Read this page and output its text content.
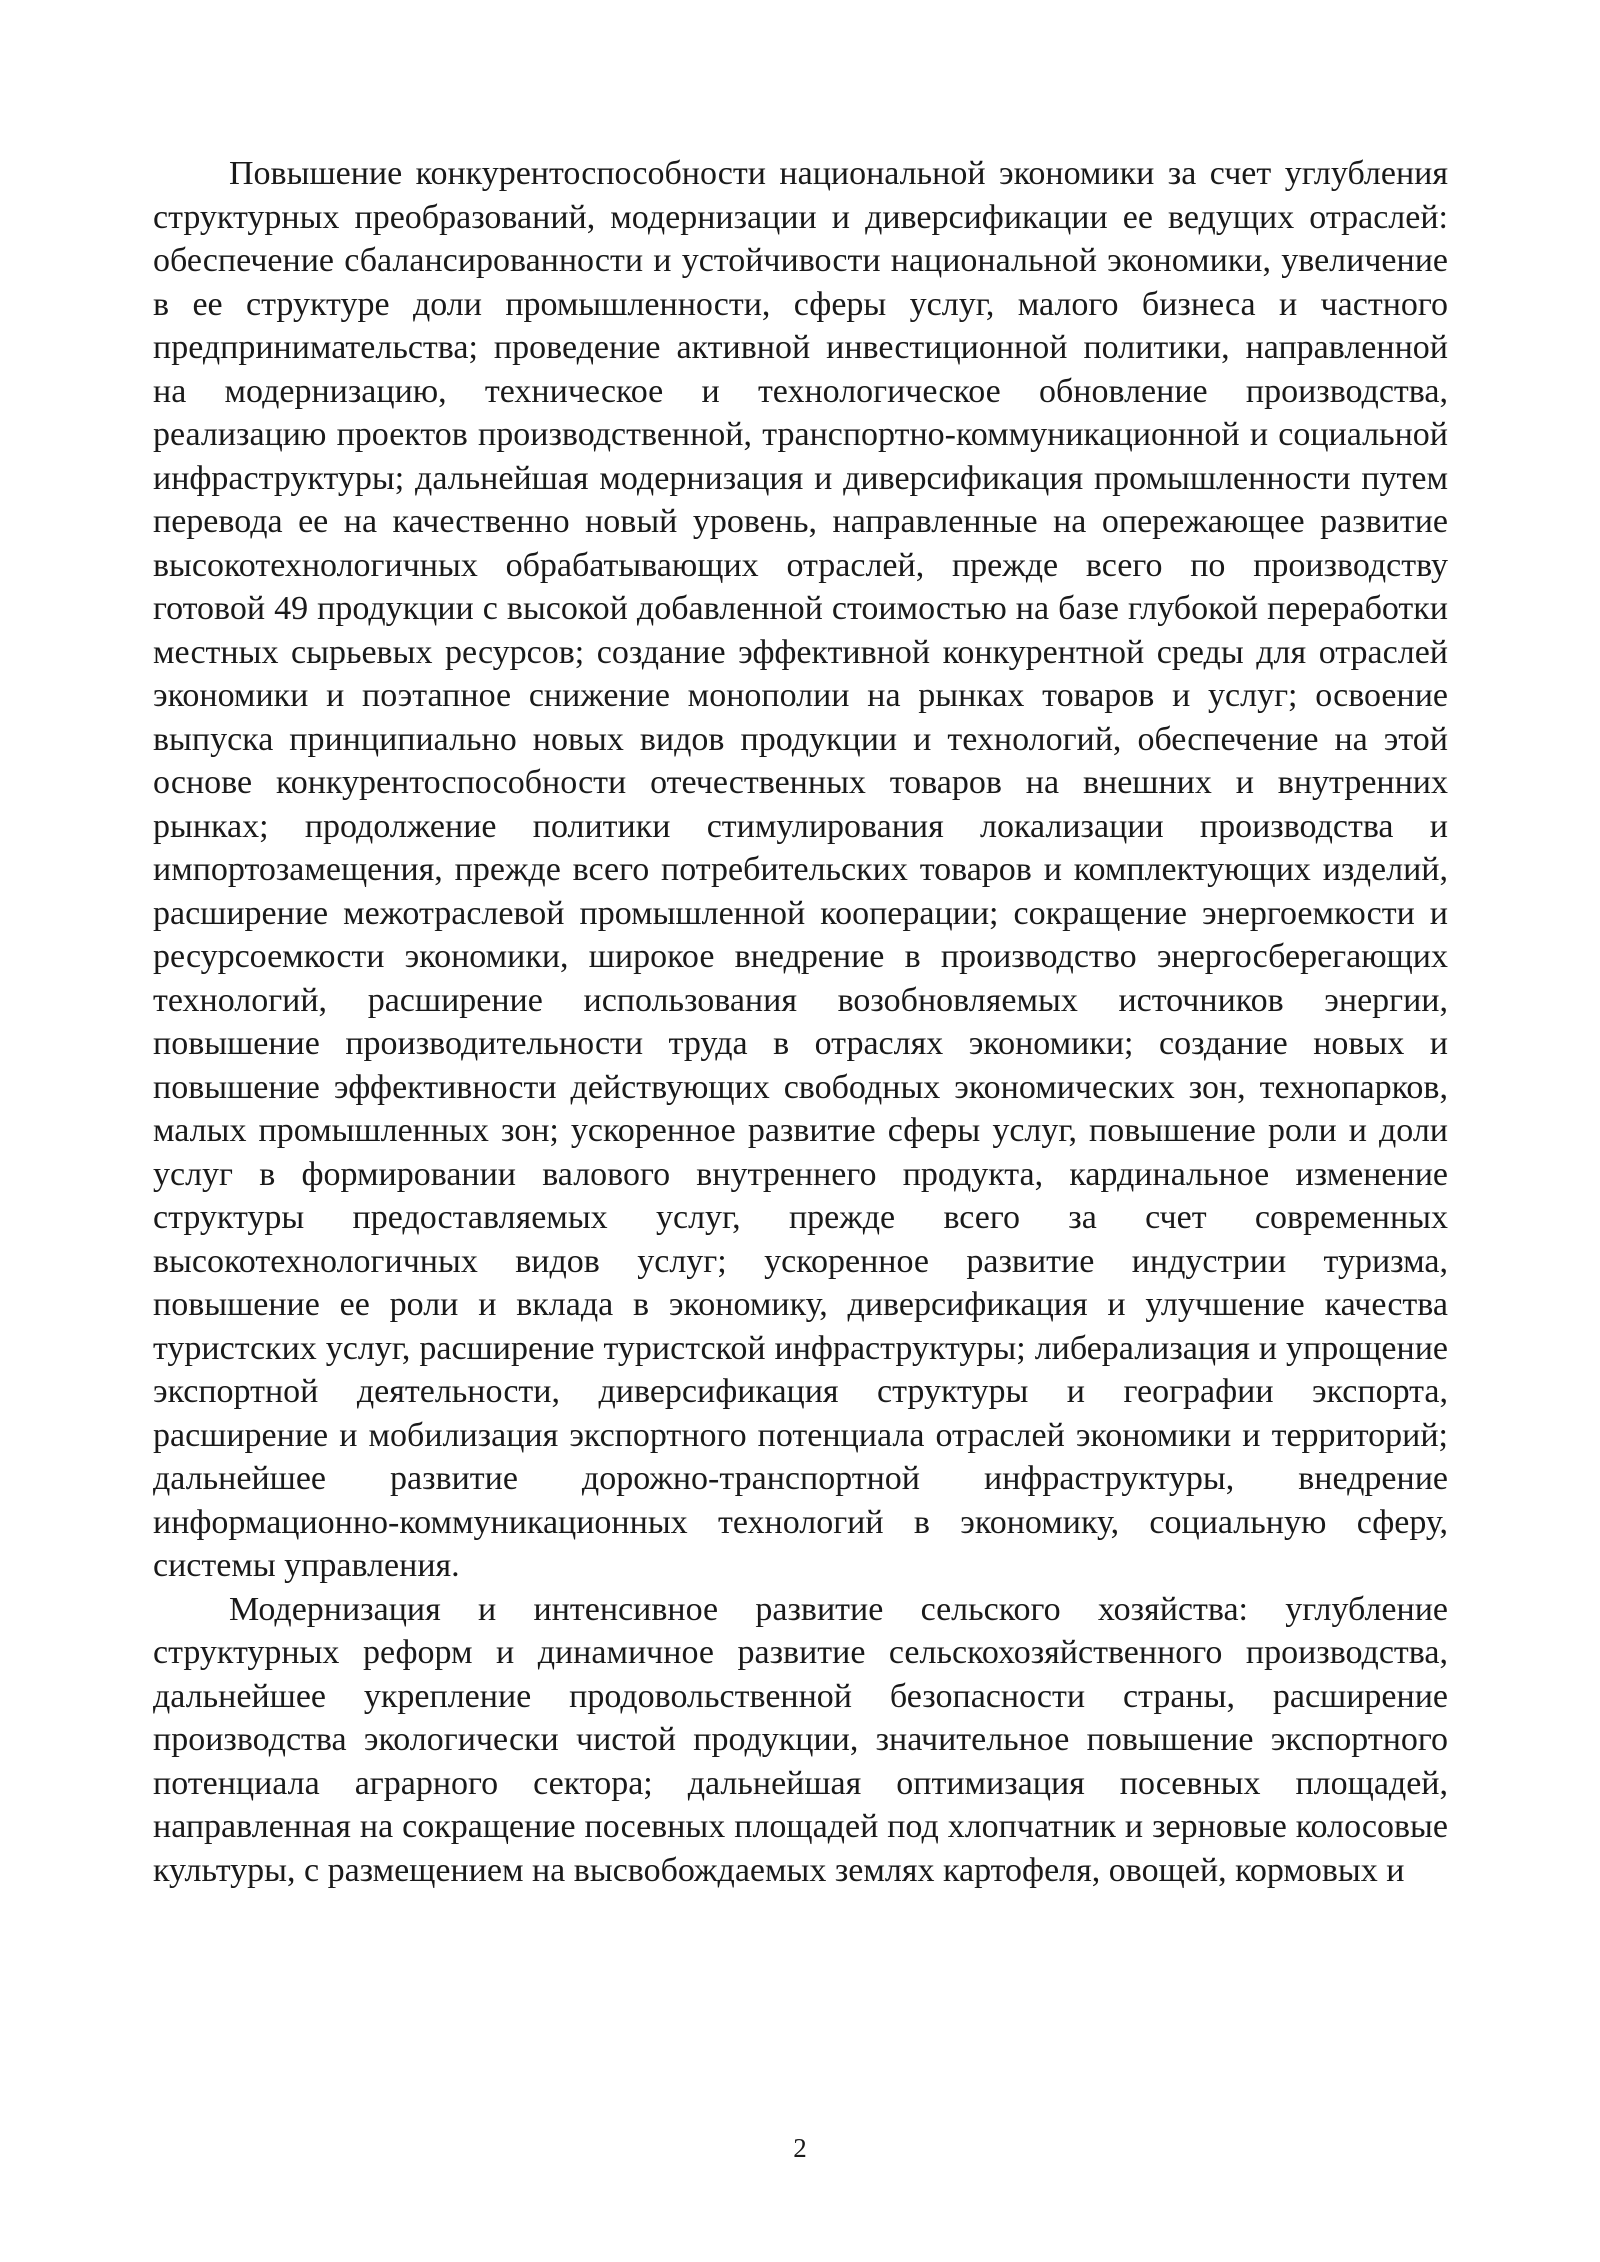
Повышение конкурентоспособности национальной экономики за счет углубления структурных преобразований, модернизации и диверсификации ее ведущих отраслей: обеспечение сбалансированности и устойчивости национальной экономики, увеличение в ее структуре доли промышленности, сферы услуг, малого бизнеса и частного предпринимательства; проведение активной инвестиционной политики, направленной на модернизацию, техническое и технологическое обновление производства, реализацию проектов производственной, транспортно-коммуникационной и социальной инфраструктуры; дальнейшая модернизация и диверсификация промышленности путем перевода ее на качественно новый уровень, направленные на опережающее развитие высокотехнологичных обрабатывающих отраслей, прежде всего по производству готовой 49 продукции с высокой добавленной стоимостью на базе глубокой переработки местных сырьевых ресурсов; создание эффективной конкурентной среды для отраслей экономики и поэтапное снижение монополии на рынках товаров и услуг; освоение выпуска принципиально новых видов продукции и технологий, обеспечение на этой основе конкурентоспособности отечественных товаров на внешних и внутренних рынках; продолжение политики стимулирования локализации производства и импортозамещения, прежде всего потребительских товаров и комплектующих изделий, расширение межотраслевой промышленной кооперации; сокращение энергоемкости и ресурсоемкости экономики, широкое внедрение в производство энергосберегающих технологий, расширение использования возобновляемых источников энергии, повышение производительности труда в отраслях экономики; создание новых и повышение эффективности действующих свободных экономических зон, технопарков, малых промышленных зон; ускоренное развитие сферы услуг, повышение роли и доли услуг в формировании валового внутреннего продукта, кардинальное изменение структуры предоставляемых услуг, прежде всего за счет современных высокотехнологичных видов услуг; ускоренное развитие индустрии туризма, повышение ее роли и вклада в экономику, диверсификация и улучшение качества туристских услуг, расширение туристской инфраструктуры; либерализация и упрощение экспортной деятельности, диверсификация структуры и географии экспорта, расширение и мобилизация экспортного потенциала отраслей экономики и территорий; дальнейшее развитие дорожно-транспортной инфраструктуры, внедрение информационно-коммуникационных технологий в экономику, социальную сферу, системы управления.

Модернизация и интенсивное развитие сельского хозяйства: углубление структурных реформ и динамичное развитие сельскохозяйственного производства, дальнейшее укрепление продовольственной безопасности страны, расширение производства экологически чистой продукции, значительное повышение экспортного потенциала аграрного сектора; дальнейшая оптимизация посевных площадей, направленная на сокращение посевных площадей под хлопчатник и зерновые колосовые культуры, с размещением на высвобождаемых землях картофеля, овощей, кормовых и

2
